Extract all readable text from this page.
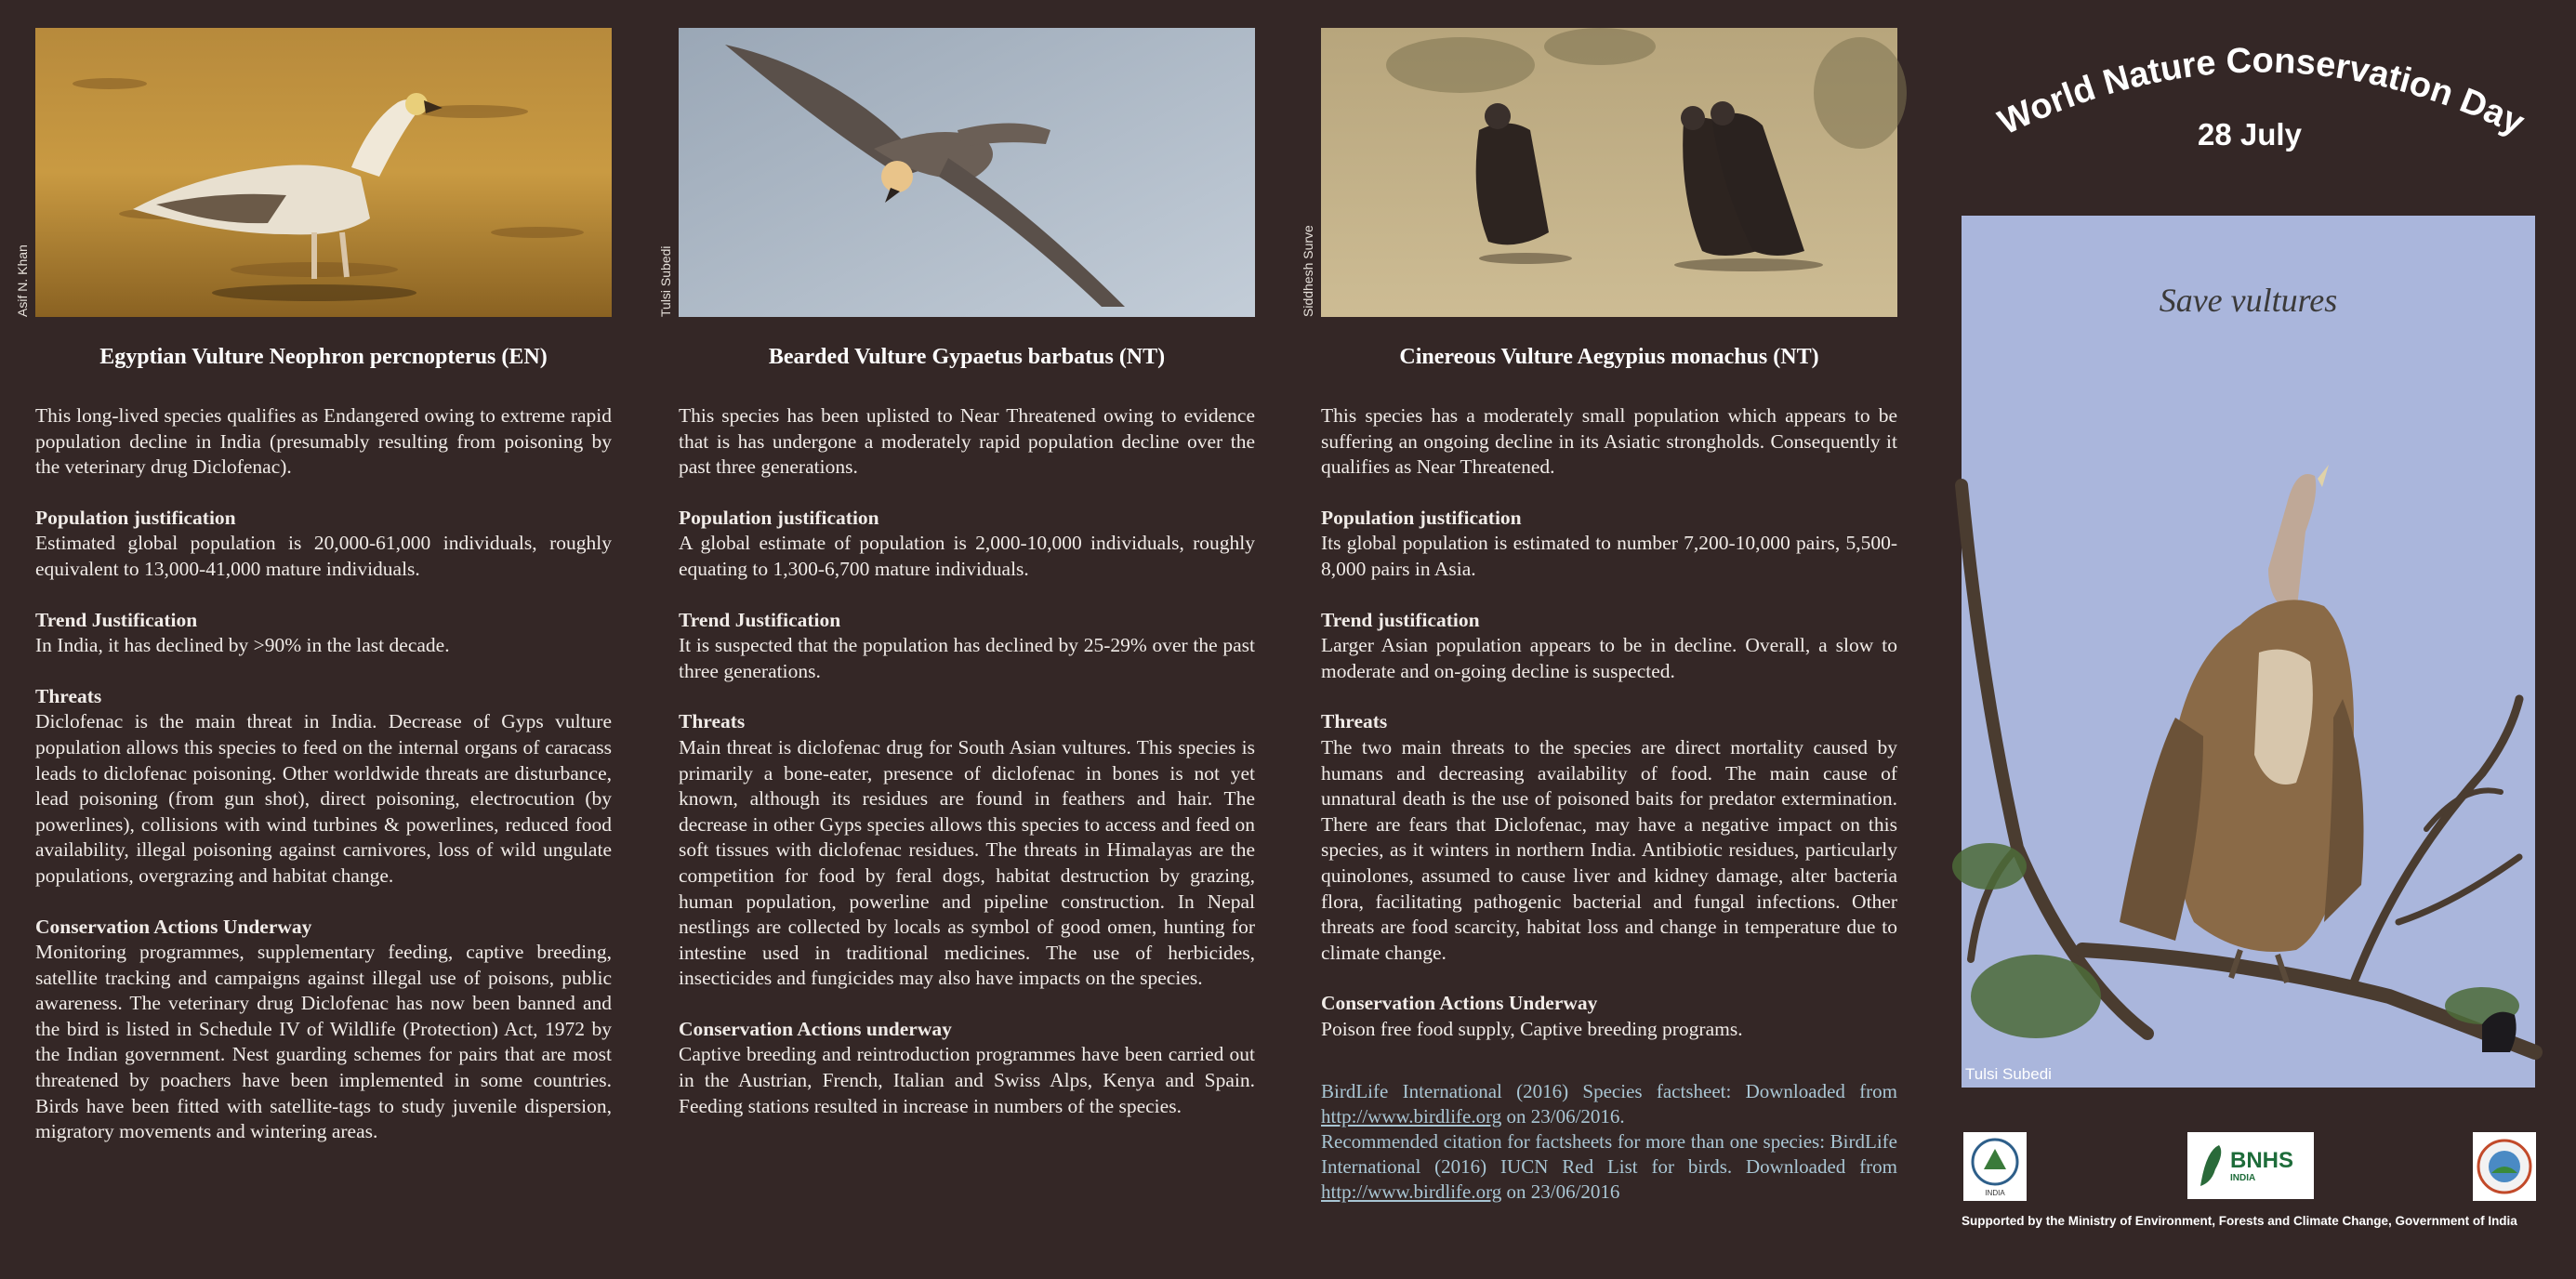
Asif N. Khan
Egyptian Vulture Neophron percnopterus (EN)

This long-lived species qualifies as Endangered owing to extreme rapid population decline in India (presumably resulting from poisoning by the veterinary drug Diclofenac).

Population justification
Estimated global population is 20,000-61,000 individuals, roughly equivalent to 13,000-41,000 mature individuals.

Trend Justification
In India, it has declined by >90% in the last decade.

Threats
Diclofenac is the main threat in India. Decrease of Gyps vulture population allows this species to feed on the internal organs of caracass leads to diclofenac poisoning. Other worldwide threats are disturbance, lead poisoning (from gun shot), direct poisoning, electrocution (by powerlines), collisions with wind turbines & powerlines, reduced food availability, illegal poisoning against carnivores, loss of wild ungulate populations, overgrazing and habitat change.

Conservation Actions Underway
Monitoring programmes, supplementary feeding, captive breeding, satellite tracking and campaigns against illegal use of poisons, public awareness. The veterinary drug Diclofenac has now been banned and the bird is listed in Schedule IV of Wildlife (Protection) Act, 1972 by the Indian government. Nest guarding schemes for pairs that are most threatened by poachers have been implemented in some countries. Birds have been fitted with satellite-tags to study juvenile dispersion, migratory movements and wintering areas.

Tulsi Subedi
Bearded Vulture Gypaetus barbatus (NT)

This species has been uplisted to Near Threatened owing to evidence that is has undergone a moderately rapid population decline over the past three generations.

Population justification
A global estimate of population is 2,000-10,000 individuals, roughly equating to 1,300-6,700 mature individuals.

Trend Justification
It is suspected that the population has declined by 25-29% over the past three generations.

Threats
Main threat is diclofenac drug for South Asian vultures. This species is primarily a bone-eater, presence of diclofenac in bones is not yet known, although its residues are found in feathers and hair. The decrease in other Gyps species allows this species to access and feed on soft tissues with diclofenac residues. The threats in Himalayas are the competition for food by feral dogs, habitat destruction by grazing, human population, powerline and pipeline construction. In Nepal nestlings are collected by locals as symbol of good omen, hunting for intestine used in traditional medicines. The use of herbicides, insecticides and fungicides may also have impacts on the species.

Conservation Actions underway
Captive breeding and reintroduction programmes have been carried out in the Austrian, French, Italian and Swiss Alps, Kenya and Spain. Feeding stations resulted in increase in numbers of the species.

Siddhesh Surve
Cinereous Vulture Aegypius monachus (NT)

This species has a moderately small population which appears to be suffering an ongoing decline in its Asiatic strongholds. Consequently it qualifies as Near Threatened.

Population justification
Its global population is estimated to number 7,200-10,000 pairs, 5,500-8,000 pairs in Asia.

Trend justification
Larger Asian population appears to be in decline. Overall, a slow to moderate and on-going decline is suspected.

Threats
The two main threats to the species are direct mortality caused by humans and decreasing availability of food. The main cause of unnatural death is the use of poisoned baits for predator extermination. There are fears that Diclofenac, may have a negative impact on this species, as it winters in northern India. Antibiotic residues, particularly quinolones, assumed to cause liver and kidney damage, alter bacteria flora, facilitating pathogenic bacterial and fungal infections. Other threats are food scarcity, habitat loss and change in temperature due to climate change.

Conservation Actions Underway
Poison free food supply, Captive breeding programs.

BirdLife International (2016) Species factsheet: Downloaded from http://www.birdlife.org on 23/06/2016.
Recommended citation for factsheets for more than one species: BirdLife International (2016) IUCN Red List for birds. Downloaded from http://www.birdlife.org on 23/06/2016
World Nature Conservation Day
28 July
Save vultures
Tulsi Subedi
INDIA
BNHS
INDIA
Supported by the Ministry of Environment, Forests and Climate Change, Government of India
